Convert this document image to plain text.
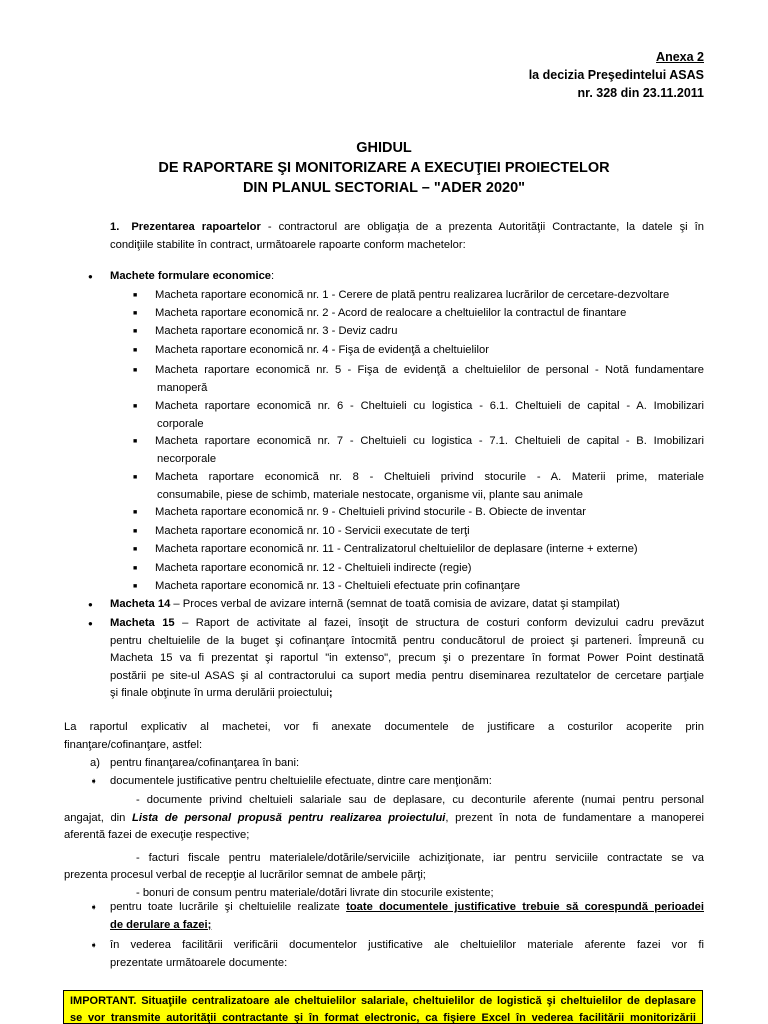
Anexa 2
la decizia Preşedintelui ASAS
nr. 328 din 23.11.2011
GHIDUL
DE RAPORTARE ŞI MONITORIZARE A EXECUŢIEI PROIECTELOR
DIN PLANUL SECTORIAL – "ADER 2020"
1. Prezentarea rapoartelor - contractorul are obligaţia de a prezenta Autorităţii Contractante, la datele şi în
condiţiile stabilite în contract, următoarele rapoarte conform machetelor:
● Machete formulare economice:
■ Macheta raportare economică nr. 1 - Cerere de plată pentru realizarea lucrărilor de cercetare-dezvoltare
■ Macheta raportare economică nr. 2 - Acord de realocare a cheltuielilor la contractul de finantare
■ Macheta raportare economică nr. 3 - Deviz cadru
■ Macheta raportare economică nr. 4 - Fişa de evidenţă a cheltuielilor
■ Macheta raportare economică nr. 5 - Fişa de evidenţă a cheltuielilor de personal - Notă fundamentare
manoperă
■ Macheta raportare economică nr. 6 - Cheltuieli cu logistica - 6.1. Cheltuieli de capital - A. Imobilizari
corporale
■ Macheta raportare economică nr. 7 - Cheltuieli cu logistica - 7.1. Cheltuieli de capital - B. Imobilizari
necorporale
■ Macheta raportare economică nr. 8 - Cheltuieli privind stocurile - A. Materii prime, materiale
consumabile, piese de schimb, materiale nestocate, organisme vii, plante sau animale
■ Macheta raportare economică nr. 9 - Cheltuieli privind stocurile - B. Obiecte de inventar
■ Macheta raportare economică nr. 10 - Servicii executate de terţi
■ Macheta raportare economică nr. 11 - Centralizatorul cheltuielilor de deplasare (interne + externe)
■ Macheta raportare economică nr. 12 - Cheltuieli indirecte (regie)
■ Macheta raportare economică nr. 13 - Cheltuieli efectuate prin cofinanţare
● Macheta 14 – Proces verbal de avizare internă (semnat de toată comisia de avizare, datat şi stampilat)
● Macheta 15 – Raport de activitate al fazei, însoţit de structura de costuri conform devizului cadru prevăzut
pentru cheltuielile de la buget şi cofinanţare întocmită pentru conducătorul de proiect şi parteneri. Împreună cu
Macheta 15 va fi prezentat şi raportul "in extenso", precum şi o prezentare în format Power Point destinată
postării pe site-ul ASAS şi al contractorului ca suport media pentru diseminarea rezultatelor de cercetare parţiale
şi finale obţinute în urma derulării proiectului;
La raportul explicativ al machetei, vor fi anexate documentele de justificare a costurilor acoperite prin
finanţare/cofinanţare, astfel:
a) pentru finanţarea/cofinanţarea în bani:
➧ documentele justificative pentru cheltuielile efectuate, dintre care menţionăm:
- documente privind cheltuieli salariale sau de deplasare, cu deconturile aferente (numai pentru personal
angajat, din Lista de personal propusă pentru realizarea proiectului, prezent în nota de fundamentare a manoperei
aferentă fazei de execuţie respective;
- facturi fiscale pentru materialele/dotările/serviciile achiziţionate, iar pentru serviciile contractate se va
prezenta procesul verbal de recepţie al lucrărilor semnat de ambele părţi;
- bonuri de consum pentru materiale/dotări livrate din stocurile existente;
➧ pentru toate lucrările şi cheltuielile realizate toate documentele justificative trebuie să corespundă perioadei
de derulare a fazei;
➧ în vederea facilitării verificării documentelor justificative ale cheltuielilor materiale aferente fazei vor fi
prezentate următoarele documente:
IMPORTANT. Situaţiile centralizatoare ale cheltuielilor salariale, cheltuielilor de logistică şi cheltuielilor de deplasare
se vor transmite autorităţii contractante şi în format electronic, ca fişiere Excel în vederea facilitării monitorizării
